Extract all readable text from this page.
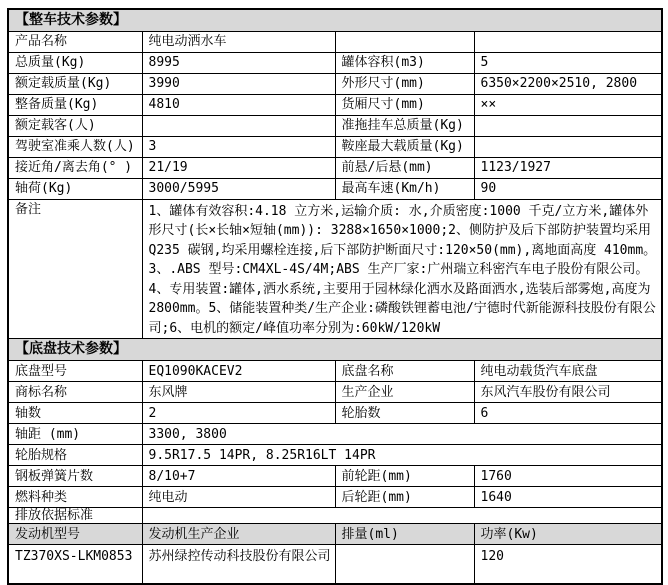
【整车技术参数】			
产品名称	纯电动洒水车		
总质量(Kg)	8995	罐体容积(m3)	5
额定载质量(Kg)	3990	外形尺寸(mm)	6350×2200×2510, 2800
整备质量(Kg)	4810	货厢尺寸(mm)	××
额定载客(人)		准拖挂车总质量(Kg)	
驾驶室准乘人数(人)	3	鞍座最大载质量(Kg)	
接近角/离去角(° )	21/19	前悬/后悬(mm)	1123/1927
轴荷(Kg)	3000/5995	最高车速(Km/h)	90
备注	1、罐体有效容积:4.18 立方米,运输介质: 水,介质密度:1000 千克/立方米,罐体外形尺寸(长×长轴×短轴(mm)): 3288×1650×1000;2、侧防护及后下部防护装置均采用 Q235 碳钢,均采用螺栓连接,后下部防护断面尺寸:120×50(mm),离地面高度 410mm。3、.ABS 型号:CM4XL-4S/4M;ABS 生产厂家:广州瑞立科密汽车电子股份有限公司。4、专用装置:罐体,洒水系统,主要用于园林绿化洒水及路面洒水,选装后部雾炮,高度为 2800mm。5、储能装置种类/生产企业:磷酸铁锂蓄电池/宁德时代新能源科技股份有限公司;6、电机的额定/峰值功率分别为:60kW/120kW		
【底盘技术参数】			
底盘型号	EQ1090KACEV2	底盘名称	纯电动载货汽车底盘
商标名称	东风牌	生产企业	东风汽车股份有限公司
轴数	2	轮胎数	6
轴距 (mm)	3300, 3800		
轮胎规格	9.5R17.5 14PR, 8.25R16LT 14PR		
钢板弹簧片数	8/10+7	前轮距(mm)	1760
燃料种类	纯电动	后轮距(mm)	1640
排放依据标准			
发动机型号	发动机生产企业	排量(ml)	功率(Kw)
TZ370XS-LKM0853	苏州绿控传动科技股份有限公司		120
